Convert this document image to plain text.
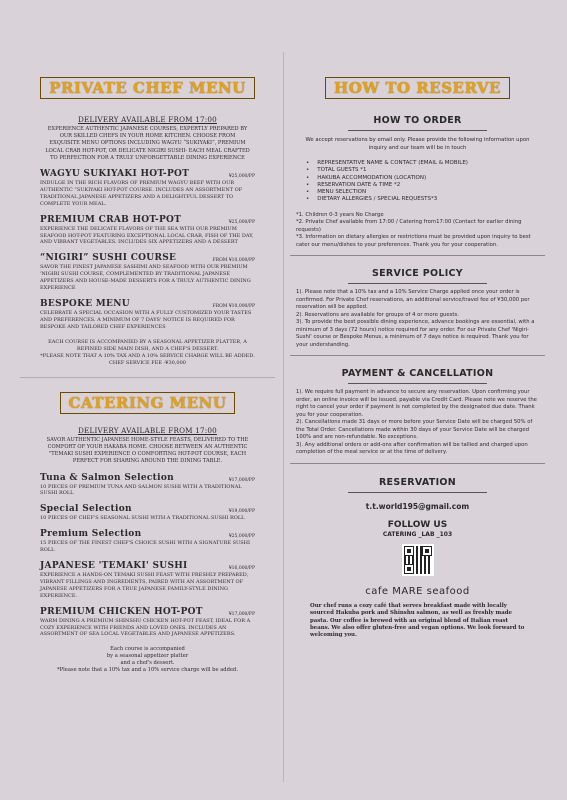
PRIVATE CHEF MENU
DELIVERY AVAILABLE FROM 17:00
EXPERIENCE AUTHENTIC JAPANESE COURSES, EXPERTLY PREPARED BY OUR SKILLED CHEFS IN YOUR HOME KITCHEN. CHOOSE FROM EXQUISITE MENU OPTIONS INCLUDING WAGYU “SUKIYAKI”, PREMIUM LOCAL CRAB HOT-POT, OR DELICATE NIGIRI SUSHI- EACH MEAL CRAFTED TO PERFECTION FOR A TRULY UNFORGETTABLE DINING EXPERIENCE
WAGYU SUKIYAKI HOT-POT	¥25,000/PP
INDULGE IN THE RICH FLAVORS OF PREMIUM WAGYU BEEF WITH OUR AUTHENTIC “SUKIYAKI HOT-POT COURSE. INCLUDES AN ASSORTMENT OF TRADITIONAL JAPANESE APPETIZERS AND A DELIGHTFUL DESSERT TO COMPLETE YOUR MEAL.
PREMIUM CRAB HOT-POT	¥25,000/PP
EXPERIENCE THE DELICATE FLAVORS OF THE SEA WITH OUR PREMIUM SEAFOOD HOT-POT FEATURING EXCEPTIONAL LOCAL CRAB, FISH OF THE DAY, AND VIBRANT VEGETABLES. INCLUDES SIX APPETIZERS AND A DESSERT
“NIGIRI” SUSHI COURSE	FROM ¥10,000/PP
SAVOR THE FINEST JAPANESE SASHIMI AND SEAFOOD WITH OUR PREMIUM 'NIGIRI SUSHI COURSE, COMPLEMENTED BY TRADITIONAL JAPANESE APPETIZERS AND HOUSE-MADE DESSERTS FOR A TRULY AUTHENTIC DINING EXPERIENCE
BESPOKE MENU	FROM ¥10,000/PP
CELEBRATE A SPECIAL OCCASION WITH A FULLY CUSTOMIZED YOUR TASTES AND PREFERENCES. A MINIMUM OF 7 DAYS' NOTICE IS REQUIRED FOR BESPOKE AND TAILORED CHEF EXPERIENCES
EACH COURSE IS ACCOMPANIED BY A SEASONAL APPETIZER PLATTER, A REFINED SIDE MAIN DISH, AND A CHEF'S DESSERT.
*PLEASE NOTE THAT A 10% TAX AND A 10% SERVICE CHARGE WILL BE ADDED.
CHEF SERVICE FEE -¥30,000
CATERING MENU
DELIVERY AVAILABLE FROM 17:00
SAVOR AUTHENTIC JAPANESE HOME-STYLE FEASTS, DELIVERED TO THE COMFORT OF YOUR HAKABA HOME. CHOOSE BETWEEN AN AUTHENTIC "TEMAKI SUSHI EXPERIENCE O COMFORTING HOT-POT COURSE, EACH PERFECT FOR SHARING AROUND THE DINING TABLE.
Tuna & Salmon Selection	¥17,000/PP
10 PIECES OF PREMIUM TUNA AND SALMON SUSHI WITH A TRADITIONAL SUSHI ROLL
Special Selection	¥19,000/PP
10 PIECES OF CHEF'S SEASONAL SUSHI WITH A TRADITIONAL SUSHI ROLL
Premium Selection	¥25,000/PP
15 PIECES OF THE FINEST CHEF'S CHOICE SUSHI WITH A SIGNATURE SUSHI ROLL
JAPANESE 'TEMAKI' SUSHI	¥16,000/PP
EXPERIENCE A HANDS-ON TEMAKI SUSHI FEAST WITH FRESHLY PREPARED, VIBRANT FILLINGS AND INGREDIENTS, PAIRED WITH AN ASSORTMENT OF JAPANESE APPETIZERS FOR A TRUE JAPANESE FAMILY-STYLE DINING EXPERIENCE.
PREMIUM CHICKEN HOT-POT	¥17,000/PP
WARM DINING A PREMIUM SHINSHU CHICKEN HOT-POT FEAST, IDEAL FOR A COZY EXPERIENCE WITH FRIENDS AND LOVED ONES. INCLUDES AN ASSORTMENT OF SEA LOCAL VEGETABLES AND JAPANESE APPETIZERS.
Each course is accompanied
by a seasonal appetizer platter
and a chef's dessert.
*Please note that a 10% tax and a 10% service charge will be added.
HOW TO RESERVE
HOW TO ORDER
We accept reservations by email only. Please provide the following information upon inquiry and our team will be in touch
• REPRESENTATIVE NAME & CONTACT (EMAIL & MOBILE)
• TOTAL GUESTS *1
• HAKUBA ACCOMMODATION (LOCATION)
• RESERVATION DATE & TIME *2
• MENU SELECTION
• DIETARY ALLERGIES / SPECIAL REQUESTS*3
*1. Children 0-3 years No Charge
*2. Private Chef available from 17:00 / Catering from17:00 (Contact for earlier dining requests)
*3. Information on dietary allergies or restrictions must be provided upon inquiry to best cater our menu/dishes to your preferences. Thank you for your cooperation.
SERVICE POLICY
1). Please note that a 10% tax and a 10% Service Charge applied once your order is confirmed. For Private Chef reservations, an additional service/travel fee of ¥30,000 per reservation will be applied.
2). Reservations are available for groups of 4 or more guests.
3). To provide the best possible dining experience, advance bookings are essential, with a minimum of 3 days (72 hours) notice required for any order. For our Private Chef 'Nigiri-Sushi' course or Bespoke Menus, a minimum of 7 days notice is required. Thank you for your understanding.
PAYMENT & CANCELLATION
1). We require full payment in advance to secure any reservation. Upon confirming your order, an online invoice will be issued, payable via Credit Card. Please note we reserve the right to cancel your order if payment is not completed by the designated due date. Thank you for your cooperation.
2). Cancellations made 31 days or more before your Service Date will be charged 50% of the Total Order. Cancellations made within 30 days of your Service Date will be charged 100% and are non-refundable. No exceptions.
3). Any additional orders or add-ons after confirmation will be tallied and charged upon completion of the meal service or at the time of delivery.
RESERVATION
t.t.world195@gmail.com
FOLLOW US
CATERING _LAB _103
cafe MARE seafood
Our chef runs a cozy café that serves breakfast made with locally sourced Hakuba pork and Shinshu salmon, as well as freshly made pasta. Our coffee is brewed with an original blend of Italian roast beans. We also offer gluten-free and vegan options. We look forward to welcoming you.
